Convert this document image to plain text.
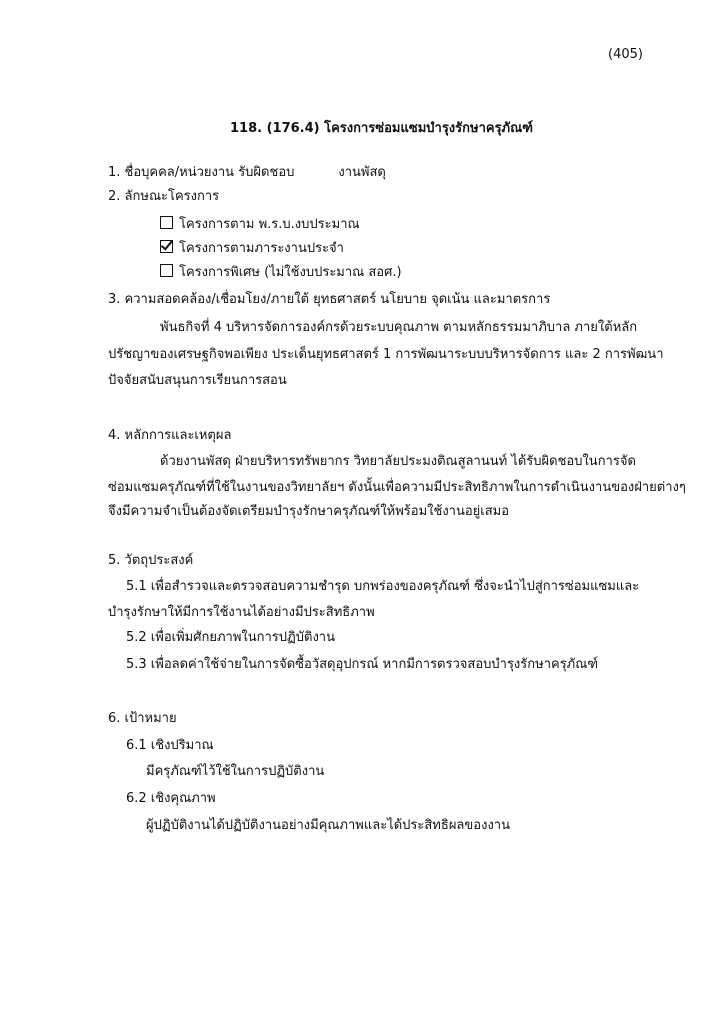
(405)
118. (176.4) โครงการซ่อมแซมบำรุงรักษาครุภัณฑ์
1. ชื่อบุคคล/หน่วยงาน รับผิดชอบ	งานพัสดุ
2. ลักษณะโครงการ
โครงการตาม พ.ร.บ.งบประมาณ
โครงการตามภาระงานประจำ
โครงการพิเศษ (ไม่ใช้งบประมาณ สอศ.)
3. ความสอดคล้อง/เชื่อมโยง/ภายใต้ ยุทธศาสตร์ นโยบาย จุดเน้น และมาตรการ
พันธกิจที่ 4 บริหารจัดการองค์กรด้วยระบบคุณภาพ ตามหลักธรรมมาภิบาล ภายใต้หลัก
ปรัชญาของเศรษฐกิจพอเพียง ประเด็นยุทธศาสตร์ 1 การพัฒนาระบบบริหารจัดการ และ 2 การพัฒนา
ปัจจัยสนับสนุนการเรียนการสอน
4. หลักการและเหตุผล
ด้วยงานพัสดุ ฝ่ายบริหารทรัพยากร วิทยาลัยประมงติณสูลานนท์ ได้รับผิดชอบในการจัด
ซ่อมแซมครุภัณฑ์ที่ใช้ในงานของวิทยาลัยฯ ดังนั้นเพื่อความมีประสิทธิภาพในการดำเนินงานของฝ่ายต่างๆ
จึงมีความจำเป็นต้องจัดเตรียมบำรุงรักษาครุภัณฑ์ให้พร้อมใช้งานอยู่เสมอ
5. วัตถุประสงค์
5.1 เพื่อสำรวจและตรวจสอบความชำรุด บกพร่องของครุภัณฑ์ ซึ่งจะนำไปสู่การซ่อมแซมและ
บำรุงรักษาให้มีการใช้งานได้อย่างมีประสิทธิภาพ
5.2 เพื่อเพิ่มศักยภาพในการปฏิบัติงาน
5.3 เพื่อลดค่าใช้จ่ายในการจัดซื้อวัสดุอุปกรณ์ หากมีการตรวจสอบบำรุงรักษาครุภัณฑ์
6. เป้าหมาย
6.1 เชิงปริมาณ
มีครุภัณฑ์ไว้ใช้ในการปฏิบัติงาน
6.2 เชิงคุณภาพ
ผู้ปฏิบัติงานได้ปฏิบัติงานอย่างมีคุณภาพและได้ประสิทธิผลของงาน
